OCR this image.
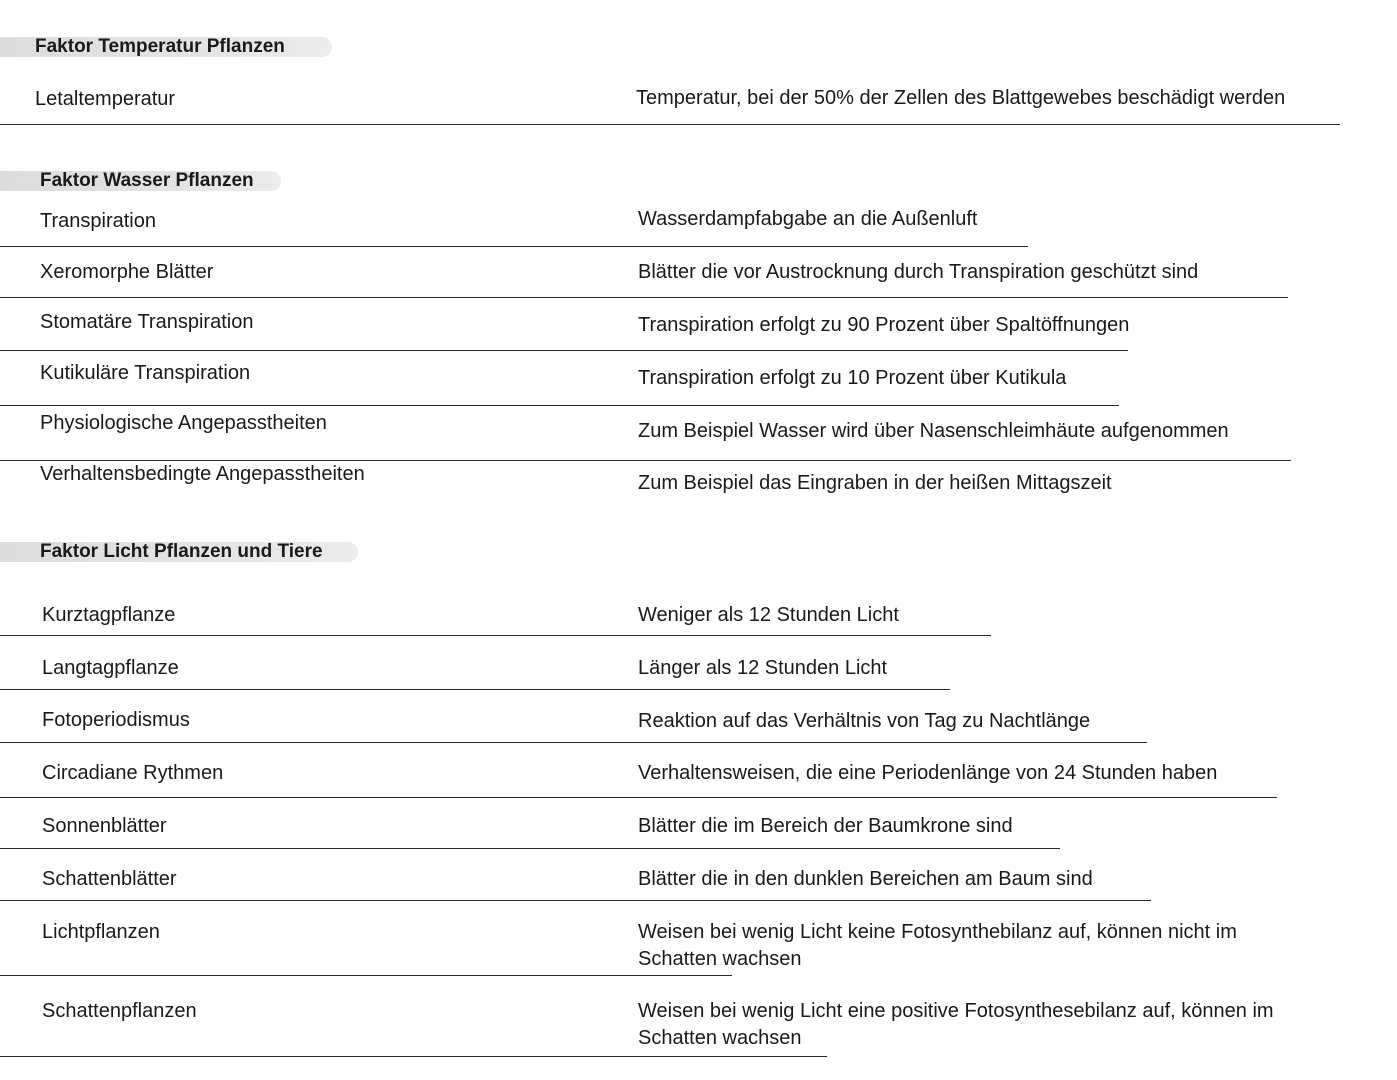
Faktor Temperatur Pflanzen
Letaltemperatur	Temperatur, bei der 50% der Zellen des Blattgewebes beschädigt werden
Faktor Wasser Pflanzen
Transpiration	Wasserdampfabgabe an die Außenluft
Xeromorphe Blätter	Blätter die vor Austrocknung durch Transpiration geschützt sind
Stomatäre Transpiration	Transpiration erfolgt zu 90 Prozent über Spaltöffnungen
Kutikuläre Transpiration	Transpiration erfolgt zu 10 Prozent über Kutikula
Physiologische Angepasstheiten	Zum Beispiel Wasser wird über Nasenschleimhäute aufgenommen
Verhaltensbedingte Angepasstheiten	Zum Beispiel das Eingraben in der heißen Mittagszeit
Faktor Licht Pflanzen und Tiere
Kurztagpflanze	Weniger als 12 Stunden Licht
Langtagpflanze	Länger als 12 Stunden Licht
Fotoperiodismus	Reaktion auf das Verhältnis von Tag zu Nachtlänge
Circadiane Rythmen	Verhaltensweisen, die eine Periodenlänge von 24 Stunden haben
Sonnenblätter	Blätter die im Bereich der Baumkrone sind
Schattenblätter	Blätter die in den dunklen Bereichen am Baum sind
Lichtpflanzen	Weisen bei wenig Licht keine Fotosynthebilanz auf, können nicht im
Schatten wachsen
Schattenpflanzen	Weisen bei wenig Licht eine positive Fotosynthesebilanz auf, können im
Schatten wachsen
